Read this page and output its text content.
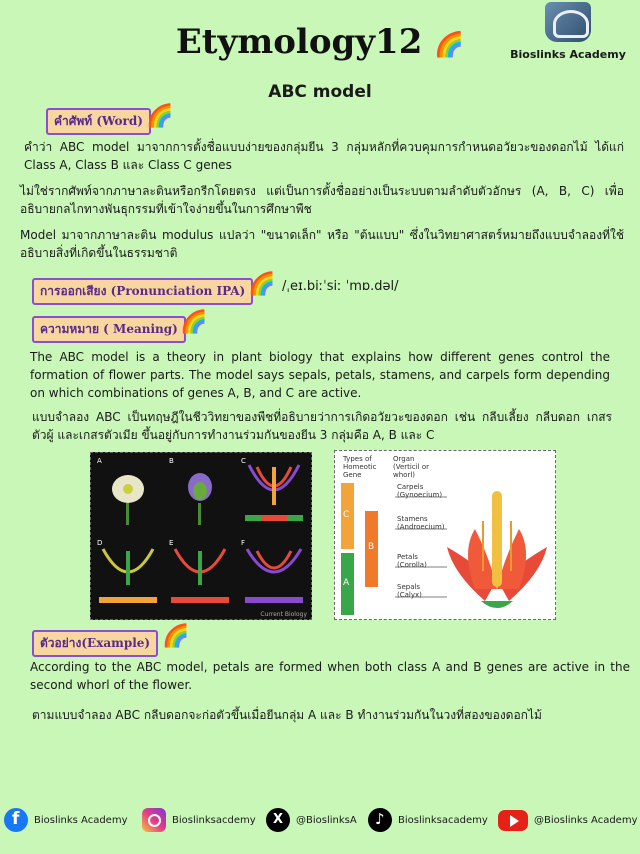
Etymology12 🌈	Bioslinks Academy
ABC model
คำศัพท์ (Word) 🌈
คำว่า ABC model มาจากการตั้งชื่อแบบง่ายของกลุ่มยีน 3 กลุ่มหลักที่ควบคุมการกำหนดอวัยวะของดอกไม้ ได้แก่ Class A, Class B และ Class C genes
ไม่ใช่รากศัพท์จากภาษาละตินหรือกรีกโดยตรง แต่เป็นการตั้งชื่ออย่างเป็นระบบตามลำดับตัวอักษร (A, B, C) เพื่ออธิบายกลไกทางพันธุกรรมที่เข้าใจง่ายขึ้นในการศึกษาพืช
Model มาจากภาษาละติน modulus แปลว่า "ขนาดเล็ก" หรือ "ต้นแบบ" ซึ่งในวิทยาศาสตร์หมายถึงแบบจำลองที่ใช้อธิบายสิ่งที่เกิดขึ้นในธรรมชาติ
การออกเสียง (Pronunciation IPA) 🌈 /ˌeɪ.biːˈsiː ˈmɒ.dəl/
ความหมาย ( Meaning) 🌈
The ABC model is a theory in plant biology that explains how different genes control the formation of flower parts. The model says sepals, petals, stamens, and carpels form depending on which combinations of genes A, B, and C are active.
แบบจำลอง ABC เป็นทฤษฎีในชีววิทยาของพืชที่อธิบายว่าการเกิดอวัยวะของดอก เช่น กลีบเลี้ยง กลีบดอก เกสรตัวผู้ และเกสรตัวเมีย ขึ้นอยู่กับการทำงานร่วมกันของยีน 3 กลุ่มคือ A, B และ C
A	B	C
D	E	F
Current Biology
Types of Homeotic Gene
Organ (Verticil or whorl)
C
B
A
Carpels
(Gynoecium)
Stamens
(Androecium)
Petals
(Corolla)
Sepals
(Calyx)
ตัวอย่าง(Example) 🌈
According to the ABC model, petals are formed when both class A and B genes are active in the second whorl of the flower.
ตามแบบจำลอง ABC กลีบดอกจะก่อตัวขึ้นเมื่อยีนกลุ่ม A และ B ทำงานร่วมกันในวงที่สองของดอกไม้
f
Bioslinks Academy	Bioslinksacdemy X	@BioslinksA ♪	Bioslinksacademy	@Bioslinks Academy
